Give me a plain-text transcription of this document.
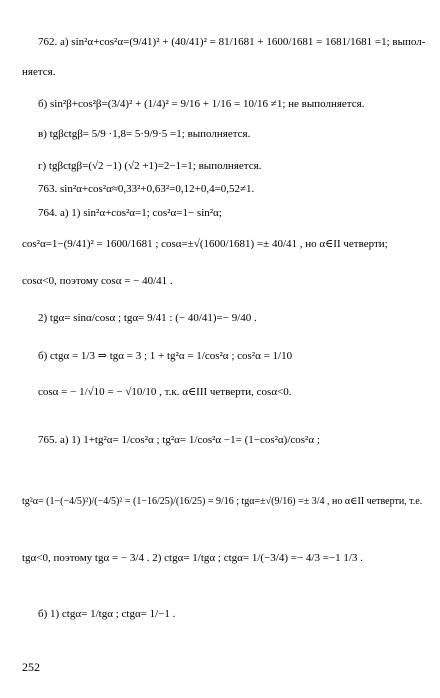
762. а) sin²α+cos²α=(9/41)² + (40/41)² = 81/1681 + 1600/1681 = 1681/1681 =1; выпол-
няется.
б) sin²β+cos²β=(3/4)² + (1/4)² = 9/16 + 1/16 = 10/16 ≠1; не выполняется.
в) tgβctgβ= 5/9 ·1,8= 5·9/9·5 =1; выполняется.
г) tgβctgβ=(√2 −1) (√2 +1)=2−1=1; выполняется.
763. sin²α+cos²α≈0,33²+0,63²=0,12+0,4=0,52≠1.
764. а) 1) sin²α+cos²α=1; cos²α=1− sin²α;
cos²α=1−(9/41)² = 1600/1681 ; cosα=±√(1600/1681) =± 40/41 , но α∈II четверти;
cosα<0, поэтому cosα = − 40/41 .
2) tgα= sinα/cosα ; tgα= 9/41 : (− 40/41)=− 9/40 .
б) ctgα = 1/3 ⇒ tgα = 3 ; 1 + tg²α = 1/cos²α ; cos²α = 1/10
cosα = − 1/√10 = − √10/10 , т.к. α∈III четверти, cosα<0.
765. а) 1) 1+tg²α= 1/cos²α ; tg²α= 1/cos²α −1= (1−cos²α)/cos²α ;
tg²α= (1−(−4/5)²)/(−4/5)² = (1−16/25)/(16/25) = 9/16 ; tgα=±√(9/16) =± 3/4 , но α∈II четверти, т.е.
tgα<0, поэтому tgα = − 3/4 . 2) ctgα= 1/tgα ; ctgα= 1/(−3/4) =− 4/3 =−1 1/3 .
б) 1) ctgα= 1/tgα ; ctgα= 1/−1 .
252
